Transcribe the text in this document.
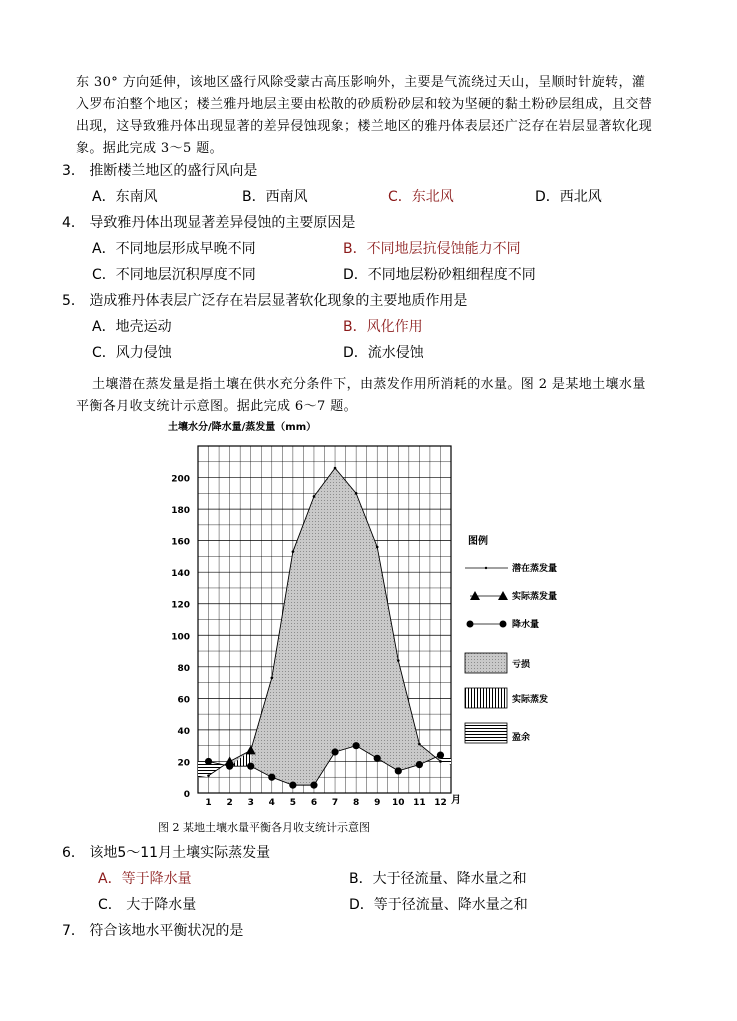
东 30° 方向延伸，该地区盛行风除受蒙古高压影响外，主要是气流绕过天山，呈顺时针旋转，灌
入罗布泊整个地区；楼兰雅丹地层主要由松散的砂质粉砂层和较为坚硬的黏土粉砂层组成，且交替
出现，这导致雅丹体出现显著的差异侵蚀现象；楼兰地区的雅丹体表层还广泛存在岩层显著软化现
象。据此完成 3～5 题。
3． 推断楼兰地区的盛行风向是
A．东南风	B．西南风	C．东北风	D．西北风
4． 导致雅丹体出现显著差异侵蚀的主要原因是
A．不同地层形成早晚不同	B．不同地层抗侵蚀能力不同
C．不同地层沉积厚度不同	D．不同地层粉砂粗细程度不同
5． 造成雅丹体表层广泛存在岩层显著软化现象的主要地质作用是
A．地壳运动	B．风化作用
C．风力侵蚀	D．流水侵蚀
土壤潜在蒸发量是指土壤在供水充分条件下，由蒸发作用所消耗的水量。图 2 是某地土壤水量
平衡各月收支统计示意图。据此完成 6～7 题。
0
20
40
60
80
100
120
140
160
180
200
1 2 3 4 5 6 7 8 9 10 11 12
土壤水分/降水量/蒸发量（mm）
月
图例
潜在蒸发量
实际蒸发量
降水量
亏损
实际蒸发
盈余
图 2 某地土壤水量平衡各月收支统计示意图
6． 该地5～11月土壤实际蒸发量
A．等于降水量	B．大于径流量、降水量之和
C． 大于降水量	D．等于径流量、降水量之和
7． 符合该地水平衡状况的是
